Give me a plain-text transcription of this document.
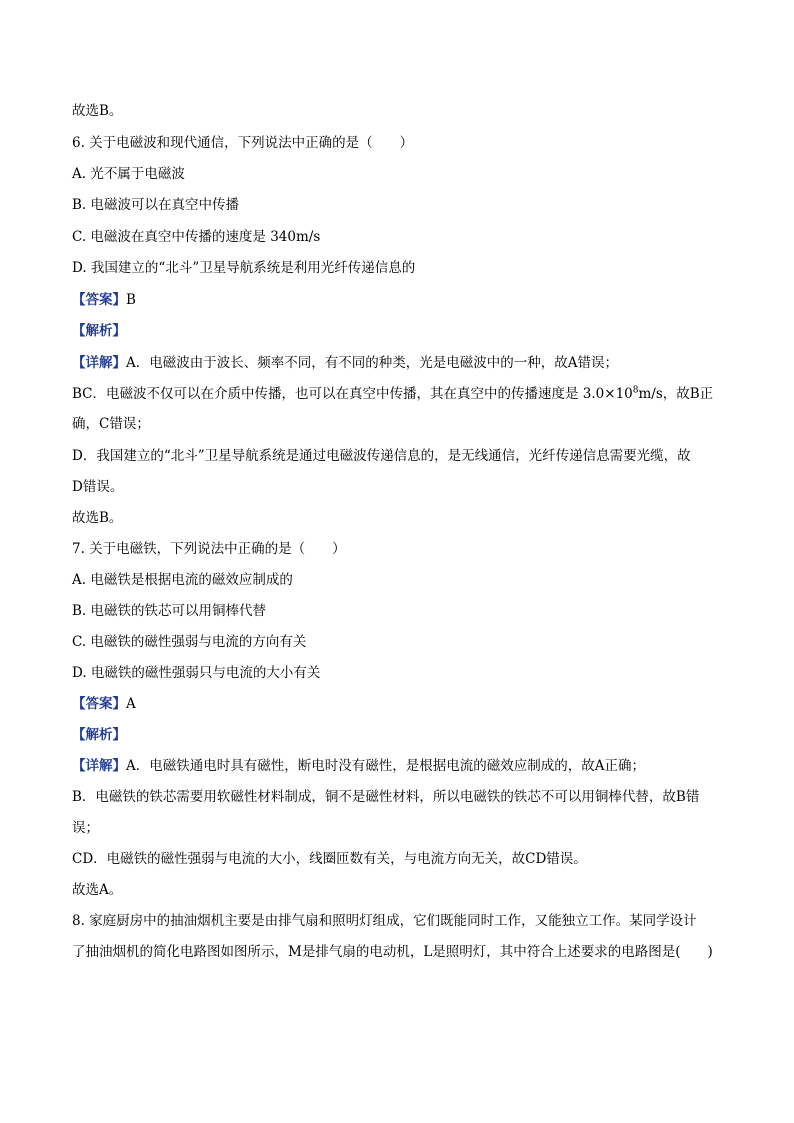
故选B。
6. 关于电磁波和现代通信，下列说法中正确的是（　　）
A. 光不属于电磁波
B. 电磁波可以在真空中传播
C. 电磁波在真空中传播的速度是 340m/s
D. 我国建立的“北斗”卫星导航系统是利用光纤传递信息的
【答案】B
【解析】
【详解】A．电磁波由于波长、频率不同，有不同的种类，光是电磁波中的一种，故A错误；
BC．电磁波不仅可以在介质中传播，也可以在真空中传播，其在真空中的传播速度是 $3.0\times 10^8m/s$，故B正
确，C错误；
D．我国建立的“北斗”卫星导航系统是通过电磁波传递信息的，是无线通信，光纤传递信息需要光缆，故
D错误。
故选B。
7. 关于电磁铁，下列说法中正确的是（　　）
A. 电磁铁是根据电流的磁效应制成的
B. 电磁铁的铁芯可以用铜棒代替
C. 电磁铁的磁性强弱与电流的方向有关
D. 电磁铁的磁性强弱只与电流的大小有关
【答案】A
【解析】
【详解】A．电磁铁通电时具有磁性，断电时没有磁性，是根据电流的磁效应制成的，故A正确；
B．电磁铁的铁芯需要用软磁性材料制成，铜不是磁性材料，所以电磁铁的铁芯不可以用铜棒代替，故B错
误；
CD．电磁铁的磁性强弱与电流的大小，线圈匝数有关，与电流方向无关，故CD错误。
故选A。
8. 家庭厨房中的抽油烟机主要是由排气扇和照明灯组成，它们既能同时工作，又能独立工作。某同学设计
了抽油烟机的简化电路图如图所示，M是排气扇的电动机，L是照明灯，其中符合上述要求的电路图是(　　)
